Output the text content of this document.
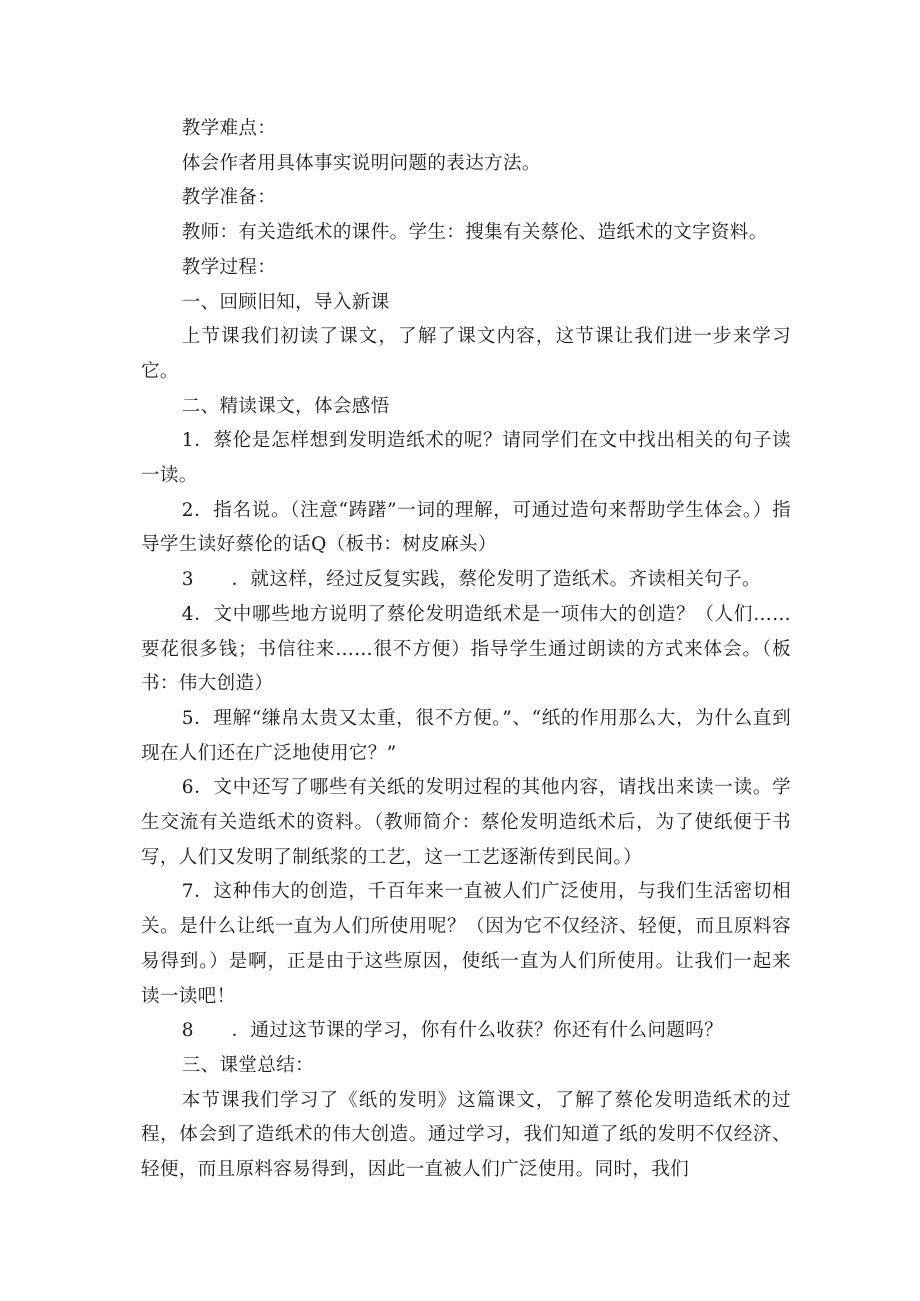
教学难点：

体会作者用具体事实说明问题的表达方法。

教学准备：

教师：有关造纸术的课件。学生：搜集有关蔡伦、造纸术的文字资料。

教学过程：

一、回顾旧知，导入新课

上节课我们初读了课文，了解了课文内容，这节课让我们进一步来学习它。

二、精读课文，体会感悟

1．蔡伦是怎样想到发明造纸术的呢？请同学们在文中找出相关的句子读一读。

2．指名说。（注意“踌躇”一词的理解，可通过造句来帮助学生体会。）指导学生读好蔡伦的话Q（板书：树皮麻头）

3　　．就这样，经过反复实践，蔡伦发明了造纸术。齐读相关句子。

4．文中哪些地方说明了蔡伦发明造纸术是一项伟大的创造？（人们……要花很多钱；书信往来……很不方便）指导学生通过朗读的方式来体会。（板书：伟大创造）

5．理解“缣帛太贵又太重，很不方便。”、“纸的作用那么大，为什么直到现在人们还在广泛地使用它？”

6．文中还写了哪些有关纸的发明过程的其他内容，请找出来读一读。学生交流有关造纸术的资料。（教师简介：蔡伦发明造纸术后，为了使纸便于书写，人们又发明了制纸浆的工艺，这一工艺逐渐传到民间。）

7．这种伟大的创造，千百年来一直被人们广泛使用，与我们生活密切相关。是什么让纸一直为人们所使用呢？（因为它不仅经济、轻便，而且原料容易得到。）是啊，正是由于这些原因，使纸一直为人们所使用。让我们一起来读一读吧！

8　　．通过这节课的学习，你有什么收获？你还有什么问题吗？

三、课堂总结：

本节课我们学习了《纸的发明》这篇课文，了解了蔡伦发明造纸术的过程，体会到了造纸术的伟大创造。通过学习，我们知道了纸的发明不仅经济、轻便，而且原料容易得到，因此一直被人们广泛使用。同时，我们
